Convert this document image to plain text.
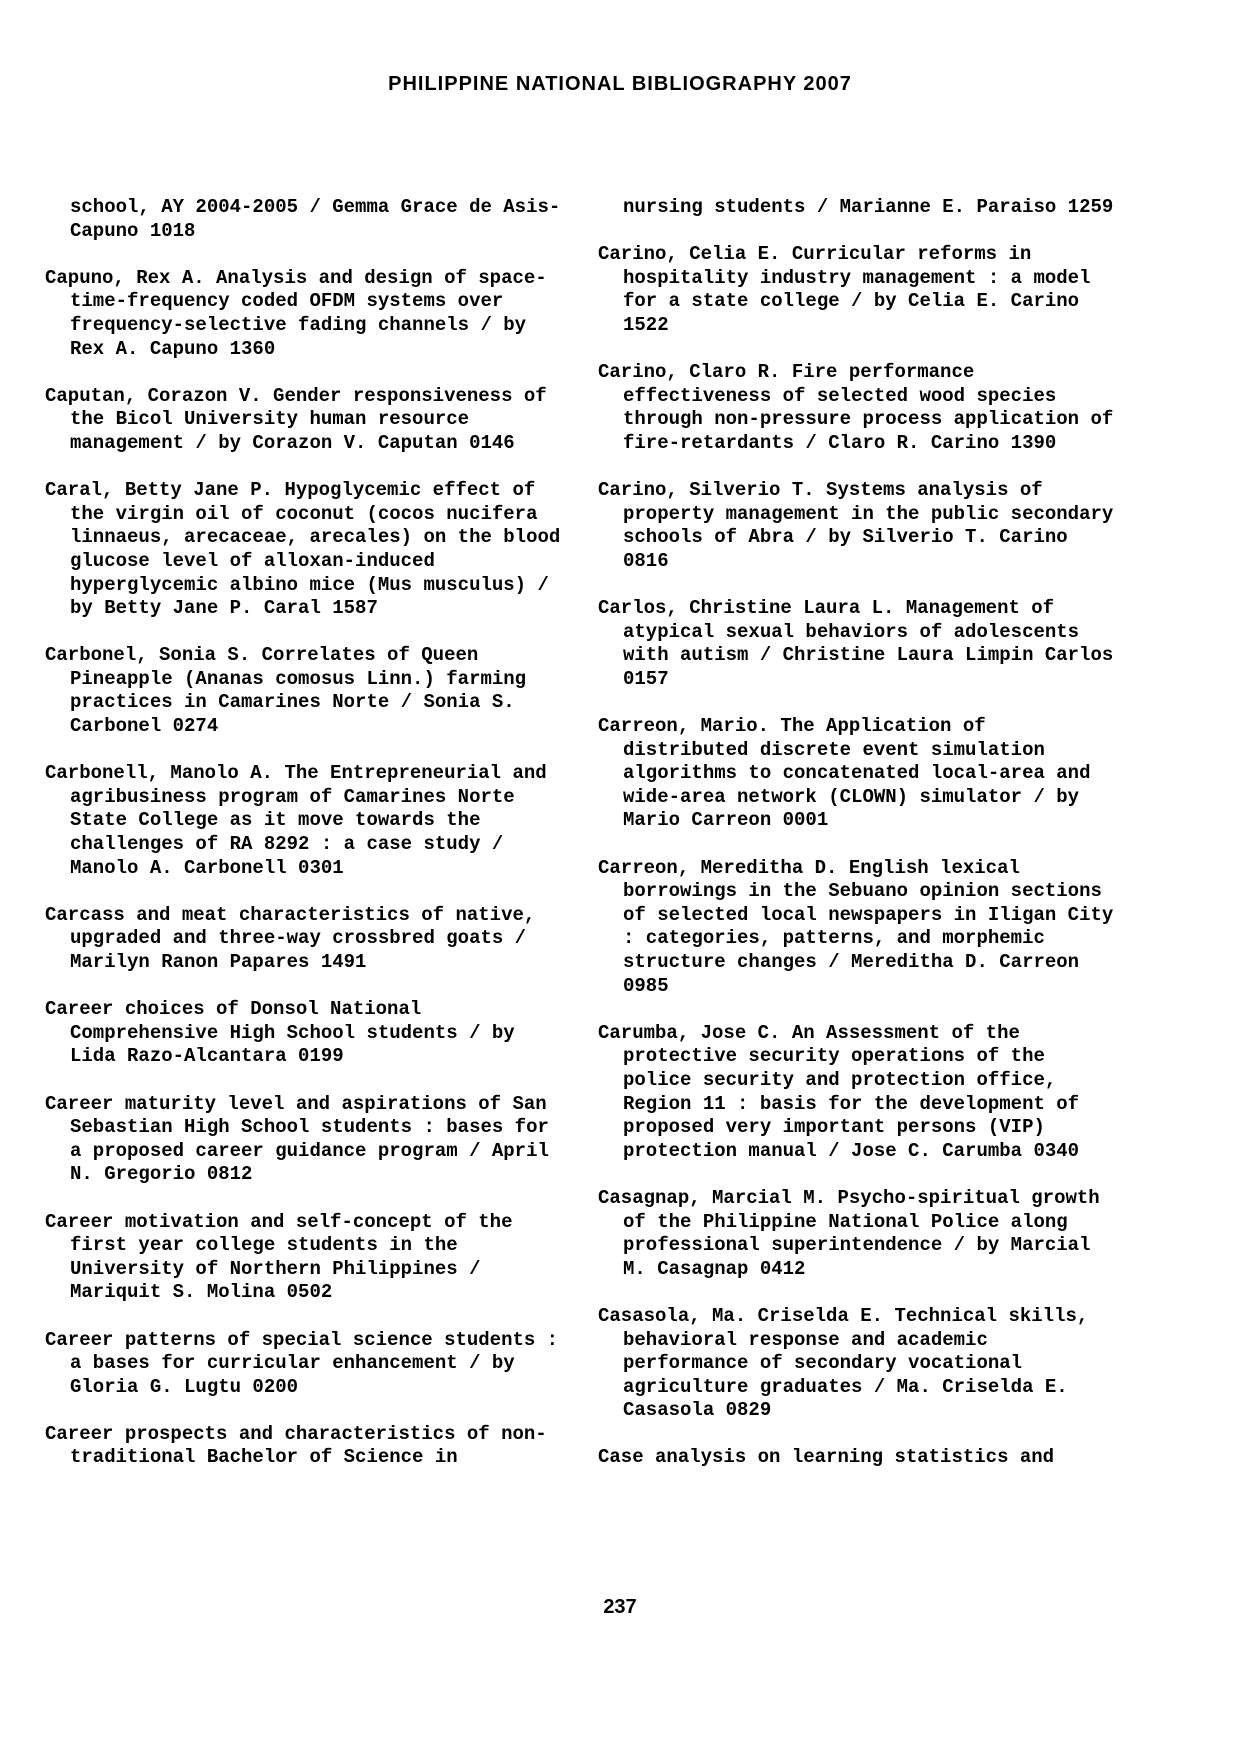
PHILIPPINE NATIONAL BIBLIOGRAPHY 2007

school, AY 2004-2005 / Gemma Grace de Asis-Capuno 1018

Capuno, Rex A. Analysis and design of space-time-frequency coded OFDM systems over frequency-selective fading channels / by Rex A. Capuno 1360

Caputan, Corazon V. Gender responsiveness of the Bicol University human resource management / by Corazon V. Caputan 0146

Caral, Betty Jane P. Hypoglycemic effect of the virgin oil of coconut (cocos nucifera linnaeus, arecaceae, arecales) on the blood glucose level of alloxan-induced hyperglycemic albino mice (Mus musculus) / by Betty Jane P. Caral 1587

Carbonel, Sonia S. Correlates of Queen Pineapple (Ananas comosus Linn.) farming practices in Camarines Norte / Sonia S. Carbonel 0274

Carbonell, Manolo A. The Entrepreneurial and agribusiness program of Camarines Norte State College as it move towards the challenges of RA 8292 : a case study / Manolo A. Carbonell 0301

Carcass and meat characteristics of native, upgraded and three-way crossbred goats / Marilyn Ranon Papares 1491

Career choices of Donsol National Comprehensive High School students / by Lida Razo-Alcantara 0199

Career maturity level and aspirations of San Sebastian High School students : bases for a proposed career guidance program / April N. Gregorio 0812

Career motivation and self-concept of the first year college students in the University of Northern Philippines / Mariquit S. Molina 0502

Career patterns of special science students : a bases for curricular enhancement / by Gloria G. Lugtu 0200

Career prospects and characteristics of non-traditional Bachelor of Science in

nursing students / Marianne E. Paraiso 1259

Carino, Celia E. Curricular reforms in hospitality industry management : a model for a state college / by Celia E. Carino 1522

Carino, Claro R. Fire performance effectiveness of selected wood species through non-pressure process application of fire-retardants / Claro R. Carino 1390

Carino, Silverio T. Systems analysis of property management in the public secondary schools of Abra / by Silverio T. Carino 0816

Carlos, Christine Laura L. Management of atypical sexual behaviors of adolescents with autism / Christine Laura Limpin Carlos 0157

Carreon, Mario. The Application of distributed discrete event simulation algorithms to concatenated local-area and wide-area network (CLOWN) simulator / by Mario Carreon 0001

Carreon, Mereditha D. English lexical borrowings in the Sebuano opinion sections of selected local newspapers in Iligan City : categories, patterns, and morphemic structure changes / Mereditha D. Carreon 0985

Carumba, Jose C. An Assessment of the protective security operations of the police security and protection office, Region 11 : basis for the development of proposed very important persons (VIP) protection manual / Jose C. Carumba 0340

Casagnap, Marcial M. Psycho-spiritual growth of the Philippine National Police along professional superintendence / by Marcial M. Casagnap 0412

Casasola, Ma. Criselda E. Technical skills, behavioral response and academic performance of secondary vocational agriculture graduates / Ma. Criselda E. Casasola 0829

Case analysis on learning statistics and

237
